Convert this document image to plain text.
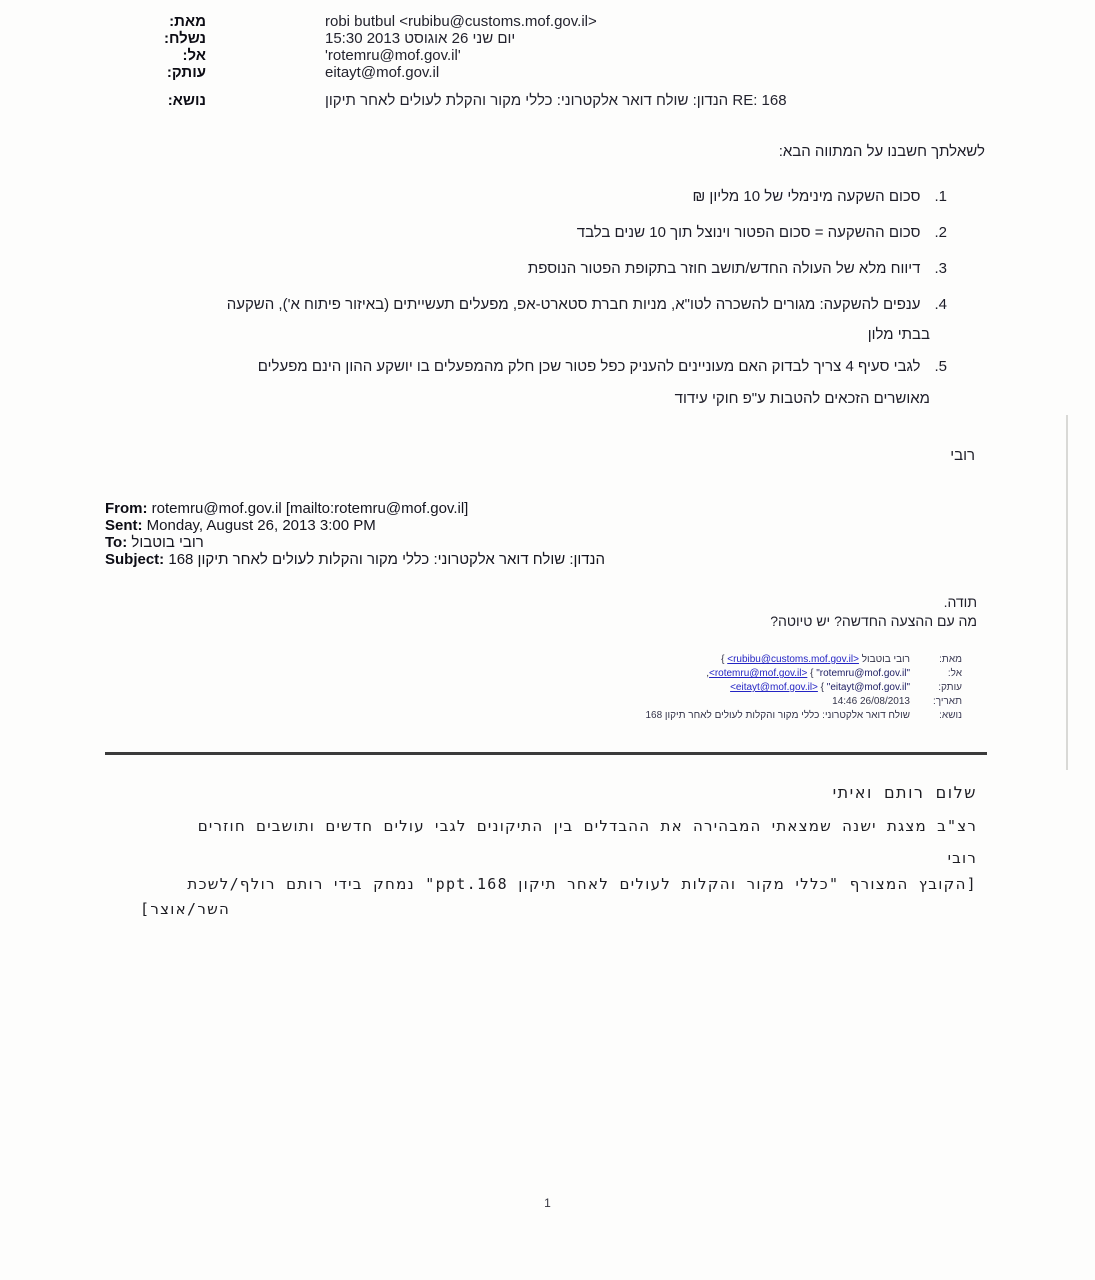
מאת:	robi butbul <rubibu@customs.mof.gov.il>
נשלח:	יום שני 26 אוגוסט 2013‏ 15:30
אל:	'rotemru@mof.gov.il'
עותק:	eitayt@mof.gov.il
נושא:	הנדון: שולח דואר אלקטרוני: כללי מקור והקלת לעולים לאחר תיקון RE: 168
לשאלתך חשבנו על המתווה הבא:
1.סכום השקעה מינימלי של 10 מליון ₪
2.סכום ההשקעה = סכום הפטור וינוצל תוך 10 שנים בלבד
3.דיווח מלא של העולה החדש/תושב חוזר בתקופת הפטור הנוספת
4.ענפים להשקעה: מגורים להשכרה לטו"א, מניות חברת סטארט-אפ, מפעלים תעשייתים (באיזור פיתוח א'), השקעה
בבתי מלון
5.לגבי סעיף 4 צריך לבדוק האם מעוניינים להעניק כפל פטור שכן חלק מהמפעלים בו יושקע ההון הינם מפעלים
מאושרים הזכאים להטבות ע"פ חוקי עידוד
רובי
From: rotemru@mof.gov.il [mailto:rotemru@mof.gov.il]
Sent: Monday, August 26, 2013 3:00 PM
To: רובי בוטבול
Subject: הנדון: שולח דואר אלקטרוני: כללי מקור והקלות לעולים לאחר תיקון 168
תודה.
מה עם ההצעה החדשה? יש טיוטה?
מאת:
{ <rubibu@customs.mof.gov.il> רובי בוטבול
אל:
,<rotemru@mof.gov.il> { "rotemru@mof.gov.il"
עותק:
<eitayt@mof.gov.il> { "eitayt@mof.gov.il"
תאריך:
14:46 26/08/2013
נושא:
שולח דואר אלקטרוני: כללי מקור והקלות לעולים לאחר תיקון 168
שלום רותם ואיתי
רצ"ב מצגת ישנה שמצאתי המבהירה את ההבדלים בין התיקונים לגבי עולים חדשים ותושבים חוזרים
רובי
[הקובץ המצורף "כללי מקור והקלות לעולים לאחר תיקון 168.ppt" נמחק בידי רותם רולף/לשכת
השר/אוצר]
1
